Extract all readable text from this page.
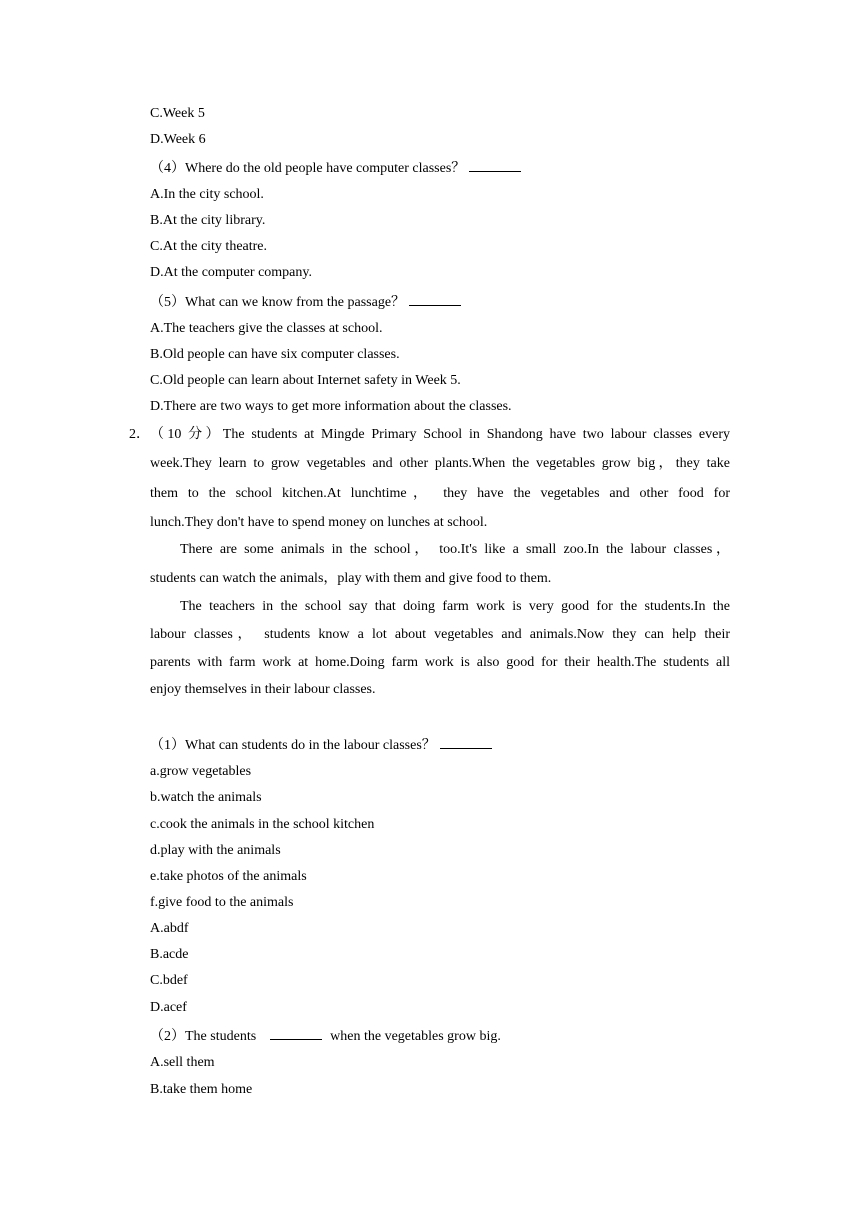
C.Week 5
D.Week 6
（4）Where do the old people have computer classes？
A.In the city school.
B.At the city library.
C.At the city theatre.
D.At the computer company.
（5）What can we know from the passage？
A.The teachers give the classes at school.
B.Old people can have six computer classes.
C.Old people can learn about Internet safety in Week 5.
D.There are two ways to get more information about the classes.
2． （10 分）The students at Mingde Primary School in Shandong have two labour classes every
week.They learn to grow vegetables and other plants.When the vegetables grow big，they take
them to the school kitchen.At lunchtime， they have the vegetables and other food for
lunch.They don't have to spend money on lunches at school.
There are some animals in the school， too.It's like a small zoo.In the labour classes，
students can watch the animals，play with them and give food to them.
The teachers in the school say that doing farm work is very good for the students.In the
labour classes， students know a lot about vegetables and animals.Now they can help their
parents with farm work at home.Doing farm work is also good for their health.The students all
enjoy themselves in their labour classes.
（1）What can students do in the labour classes？
a.grow vegetables
b.watch the animals
c.cook the animals in the school kitchen
d.play with the animals
e.take photos of the animals
f.give food to the animals
A.abdf
B.acde
C.bdef
D.acef
（2）The students	when the vegetables grow big.
A.sell them
B.take them home
